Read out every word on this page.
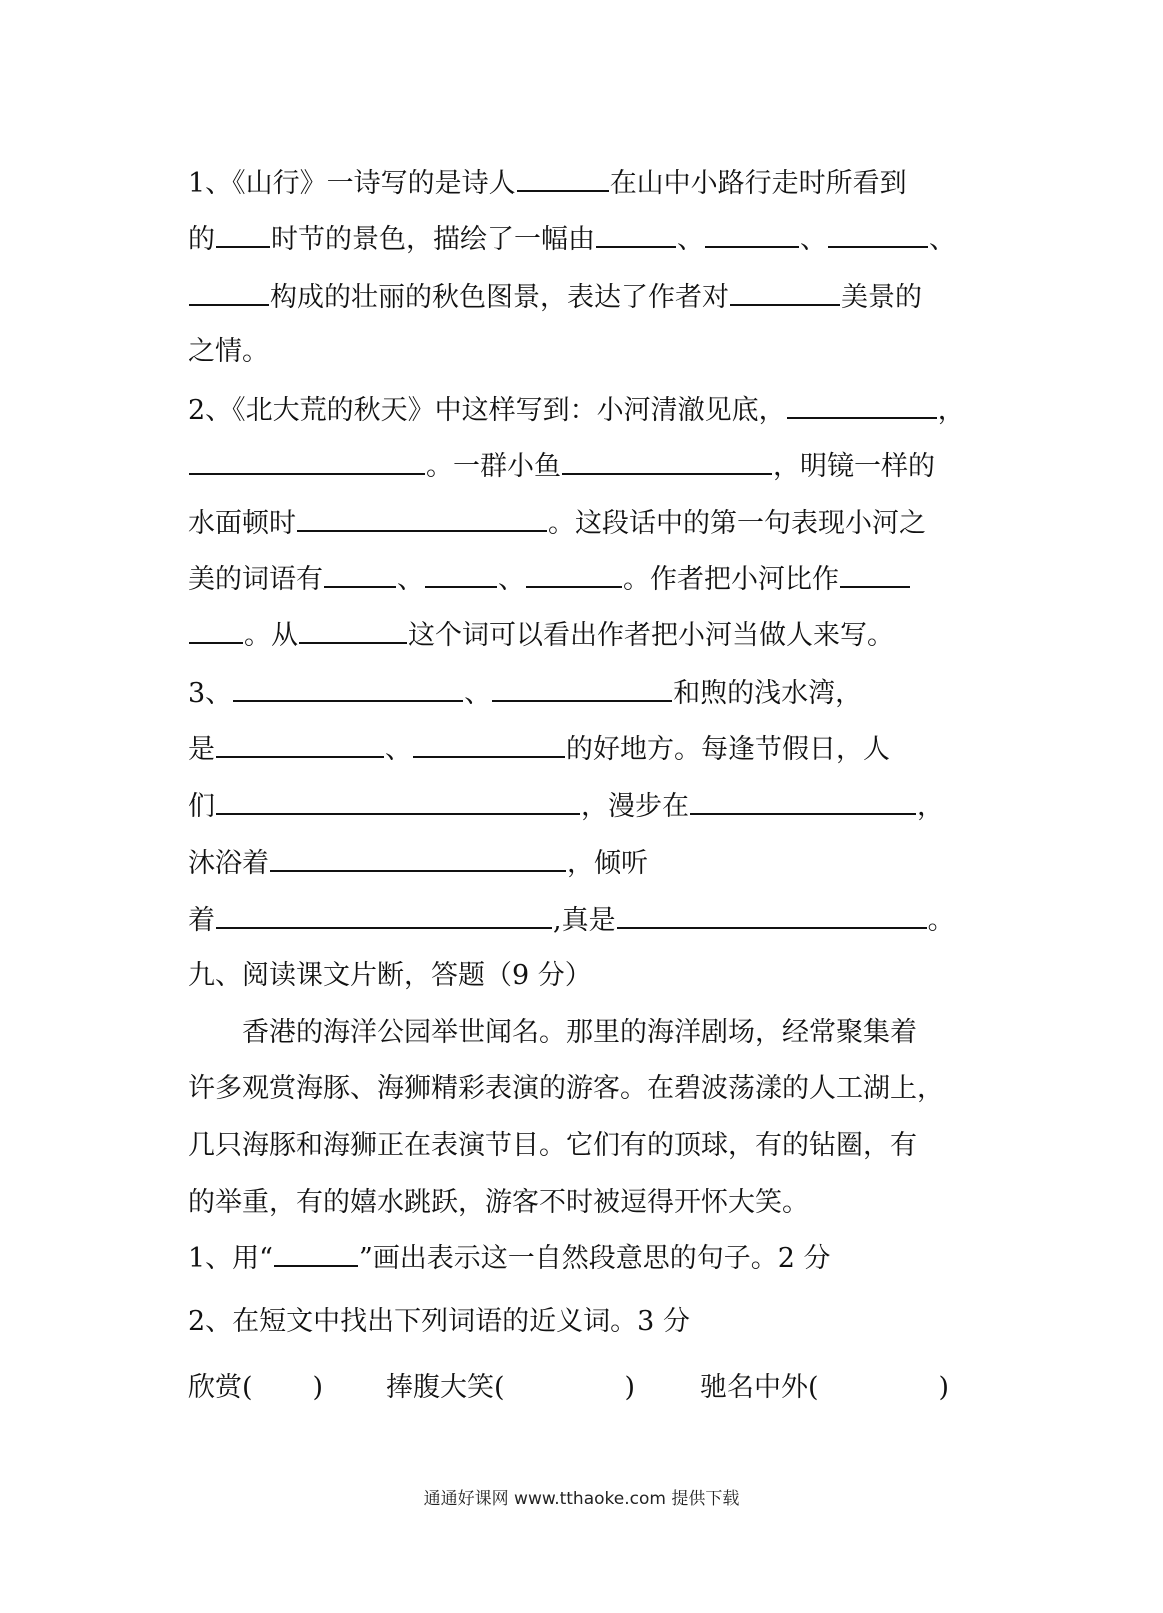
1、《山行》一诗写的是诗人	在山中小路行走时所看到
的 时节的景色，描绘了一幅由	、	、	、
构成的壮丽的秋色图景，表达了作者对	美景的
之情。
2、《北大荒的秋天》中这样写到：小河清澈见底，	，
。一群小鱼	，明镜一样的
水面顿时	。这段话中的第一句表现小河之
美的词语有	、	、	。作者把小河比作
。从	这个词可以看出作者把小河当做人来写。
3、	、	和煦的浅水湾，
是	、	的好地方。每逢节假日，人
们	，漫步在	，
沐浴着	，倾听
着	,真是	。
九、阅读课文片断，答题（9 分）
香港的海洋公园举世闻名。那里的海洋剧场，经常聚集着
许多观赏海豚、海狮精彩表演的游客。在碧波荡漾的人工湖上，
几只海豚和海狮正在表演节目。它们有的顶球，有的钻圈，有
的举重，有的嬉水跳跃，游客不时被逗得开怀大笑。
1、用“	”画出表示这一自然段意思的句子。2 分
2、在短文中找出下列词语的近义词。3 分
欣赏( ) 捧腹大笑(	) 驰名中外(	)
通通好课网 www.tthaoke.com 提供下载
